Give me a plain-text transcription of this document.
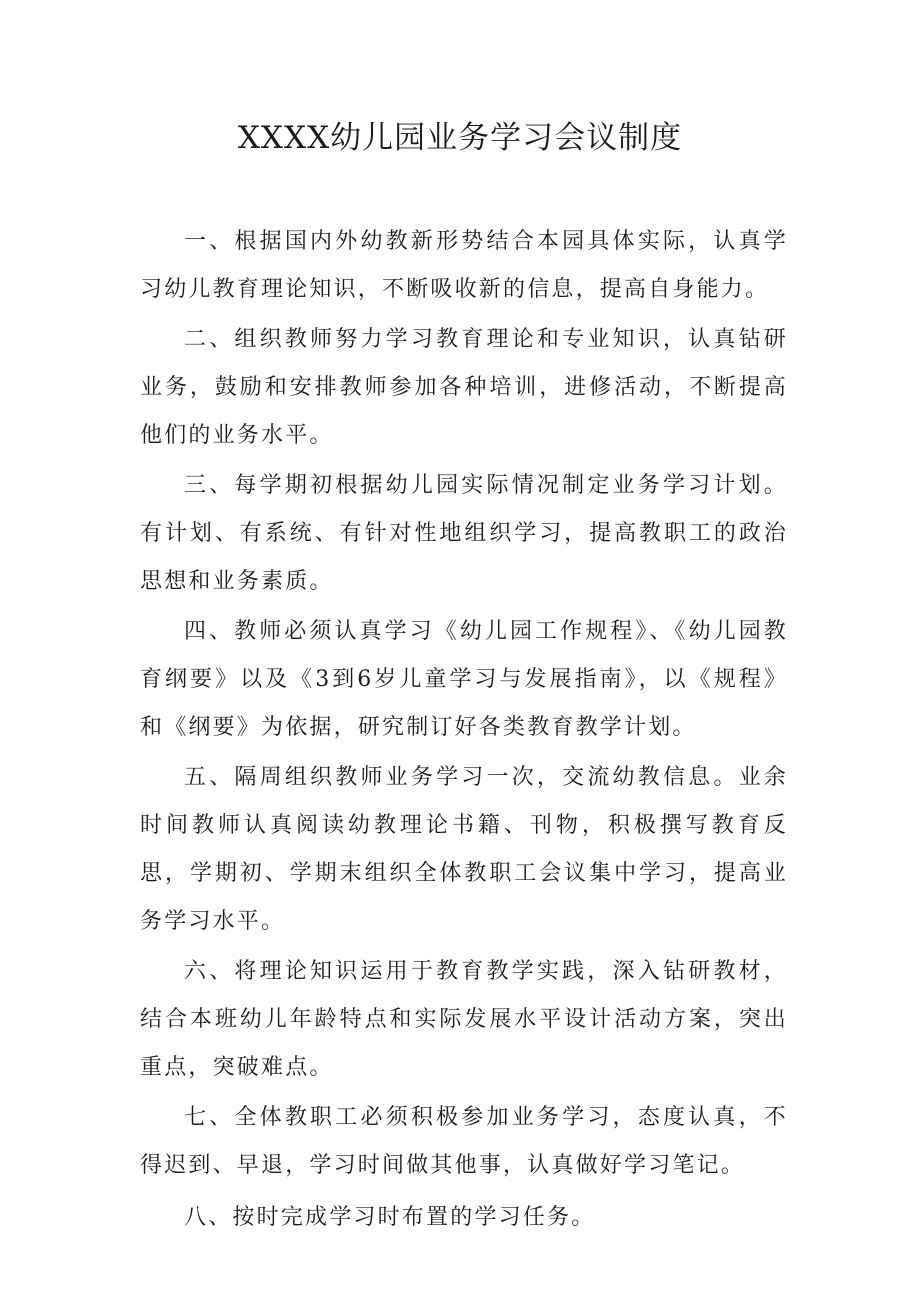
XXXX幼儿园业务学习会议制度

一、根据国内外幼教新形势结合本园具体实际，认真学习幼儿教育理论知识，不断吸收新的信息，提高自身能力。

二、组织教师努力学习教育理论和专业知识，认真钻研业务，鼓励和安排教师参加各种培训，进修活动，不断提高他们的业务水平。

三、每学期初根据幼儿园实际情况制定业务学习计划。有计划、有系统、有针对性地组织学习，提高教职工的政治思想和业务素质。

四、教师必须认真学习《幼儿园工作规程》、《幼儿园教育纲要》以及《3到6岁儿童学习与发展指南》，以《规程》和《纲要》为依据，研究制订好各类教育教学计划。

五、隔周组织教师业务学习一次，交流幼教信息。业余时间教师认真阅读幼教理论书籍、刊物，积极撰写教育反思，学期初、学期末组织全体教职工会议集中学习，提高业务学习水平。

六、将理论知识运用于教育教学实践，深入钻研教材，结合本班幼儿年龄特点和实际发展水平设计活动方案，突出重点，突破难点。

七、全体教职工必须积极参加业务学习，态度认真，不得迟到、早退，学习时间做其他事，认真做好学习笔记。

八、按时完成学习时布置的学习任务。
